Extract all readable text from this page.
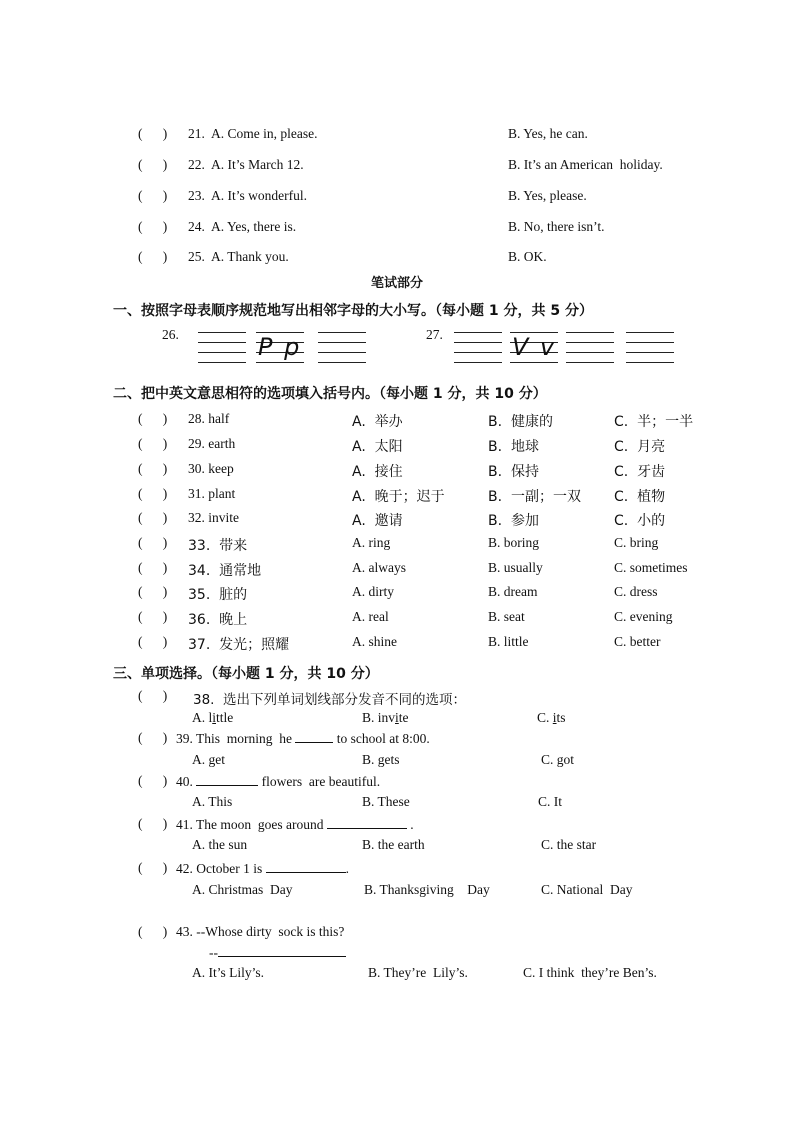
(      ) 21. A. Come in, please.	B. Yes, he can.
(      ) 22. A. It’s March 12.	B. It’s an American  holiday.
(      ) 23. A. It’s wonderful.	B. Yes, please.
(      ) 24. A. Yes, there is.	B. No, there isn’t.
(      ) 25. A. Thank you.	B. OK.
笔试部分
一、按照字母表顺序规范地写出相邻字母的大小写。（每小题 1 分，共 5 分）
26.	P p	27.	V v
二、把中英文意思相符的选项填入括号内。（每小题 1 分，共 10 分）
(      ) 28. half	A.  举办	B.  健康的	C.  半；一半
(      ) 29. earth	A.  太阳	B.  地球	C.  月亮
(      ) 30. keep	A.  接住	B.  保持	C.  牙齿
(      ) 31. plant	A.  晚于；迟于	B.  一副；一双 C.  植物
(      ) 32. invite	A.  邀请	B.  参加	C.  小的
(      ) 33.  带来	A. ring	B. boring	C. bring
(      ) 34.  通常地	A. always	B. usually	C. sometimes
(      ) 35.  脏的	A. dirty	B. dream	C. dress
(      ) 36.  晚上	A. real	B. seat	C. evening
(      ) 37.  发光；照耀	A. shine	B. little	C. better
三、单项选择。（每小题 1 分，共 10 分）
(      ) 38.  选出下列单词划线部分发音不同的选项：
A. little	B. invite	C. its
(      ) 39. This  morning  he	to school at 8:00.
A. get	B. gets	C. got
(      ) 40.	flowers  are beautiful.
A. This	B. These	C. It
(      ) 41. The moon  goes around	.
A. the sun	B. the earth	C. the star
(      ) 42. October 1 is	.
A. Christmas  Day	B. Thanksgiving    Day	C. National  Day
(      ) 43. --Whose dirty  sock is this?
--
A. It’s Lily’s.	B. They’re  Lily’s.	C. I think  they’re Ben’s.
